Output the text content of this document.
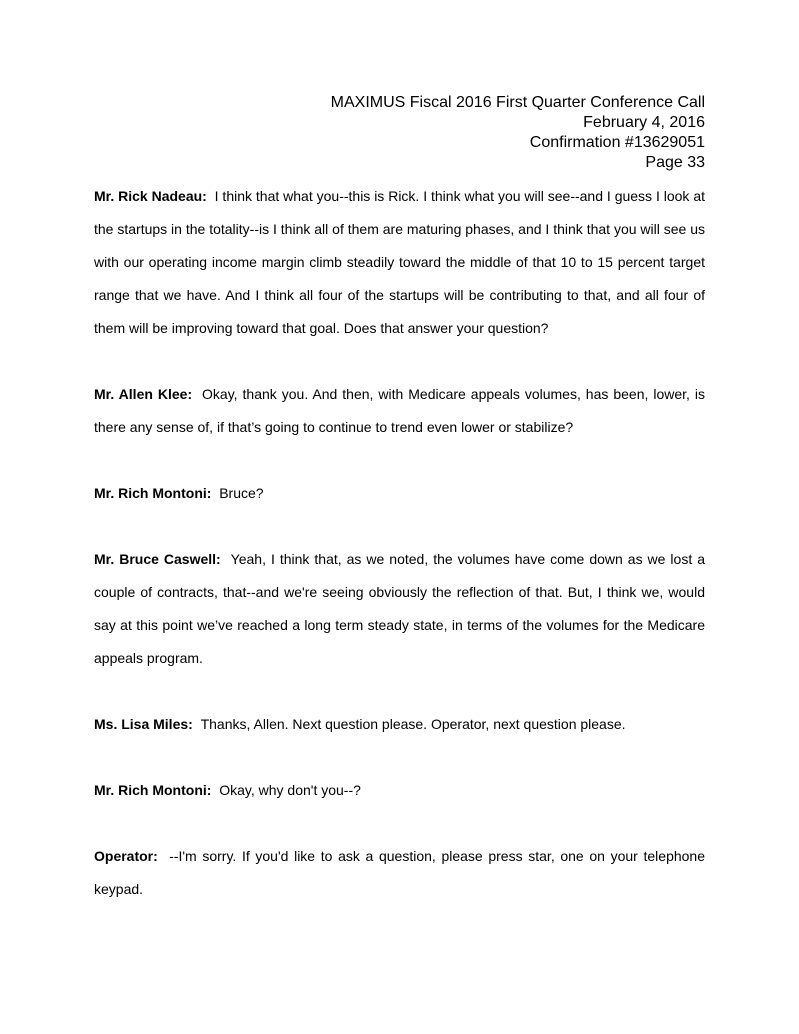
MAXIMUS Fiscal 2016 First Quarter Conference Call
February 4, 2016
Confirmation #13629051
Page 33

Mr. Rick Nadeau: I think that what you--this is Rick. I think what you will see--and I guess I look at the startups in the totality--is I think all of them are maturing phases, and I think that you will see us with our operating income margin climb steadily toward the middle of that 10 to 15 percent target range that we have. And I think all four of the startups will be contributing to that, and all four of them will be improving toward that goal. Does that answer your question?

Mr. Allen Klee: Okay, thank you. And then, with Medicare appeals volumes, has been, lower, is there any sense of, if that’s going to continue to trend even lower or stabilize?

Mr. Rich Montoni: Bruce?

Mr. Bruce Caswell: Yeah, I think that, as we noted, the volumes have come down as we lost a couple of contracts, that--and we're seeing obviously the reflection of that. But, I think we, would say at this point we’ve reached a long term steady state, in terms of the volumes for the Medicare appeals program.

Ms. Lisa Miles: Thanks, Allen. Next question please. Operator, next question please.

Mr. Rich Montoni: Okay, why don't you--?

Operator: --I'm sorry. If you'd like to ask a question, please press star, one on your telephone keypad.
